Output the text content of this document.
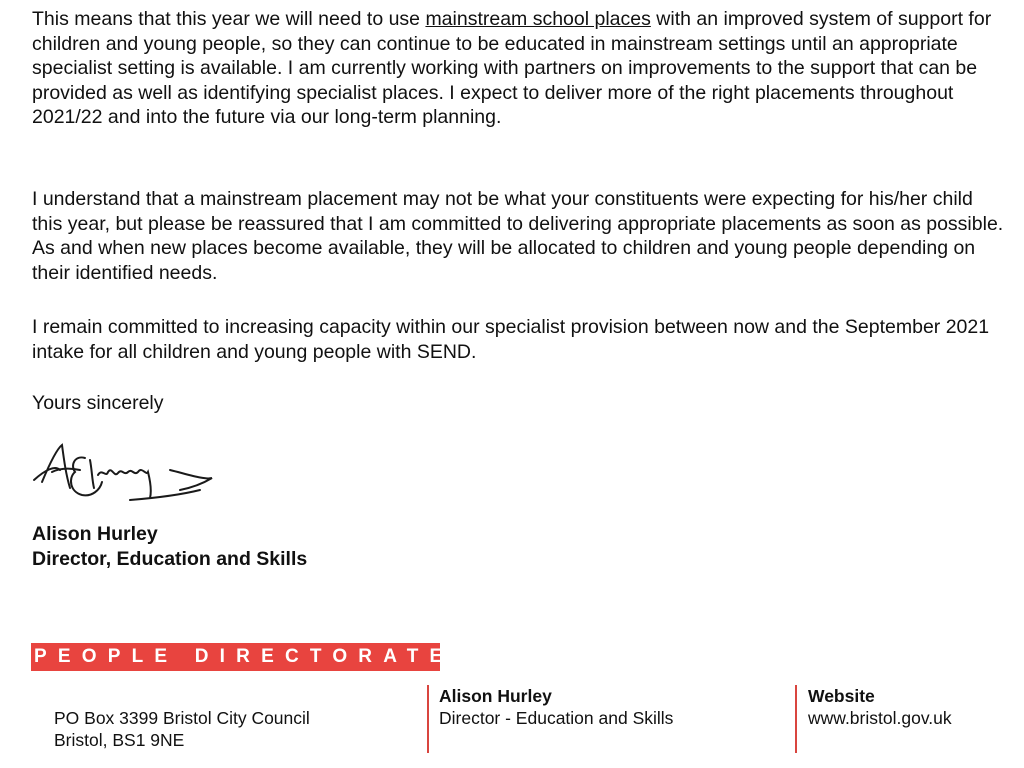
This means that this year we will need to use mainstream school places with an improved system of support for children and young people, so they can continue to be educated in mainstream settings until an appropriate specialist setting is available. I am currently working with partners on improvements to the support that can be provided as well as identifying specialist places. I expect to deliver more of the right placements throughout 2021/22 and into the future via our long-term planning.

I understand that a mainstream placement may not be what your constituents were expecting for his/her child this year, but please be reassured that I am committed to delivering appropriate placements as soon as possible. As and when new places become available, they will be allocated to children and young people depending on their identified needs.

I remain committed to increasing capacity within our specialist provision between now and the September 2021 intake for all children and young people with SEND.

Yours sincerely

Alison Hurley
Director, Education and Skills
PEOPLE DIRECTORATE
PO Box 3399 Bristol City Council
Bristol, BS1 9NE
Alison Hurley
Director - Education and Skills
Website
www.bristol.gov.uk
